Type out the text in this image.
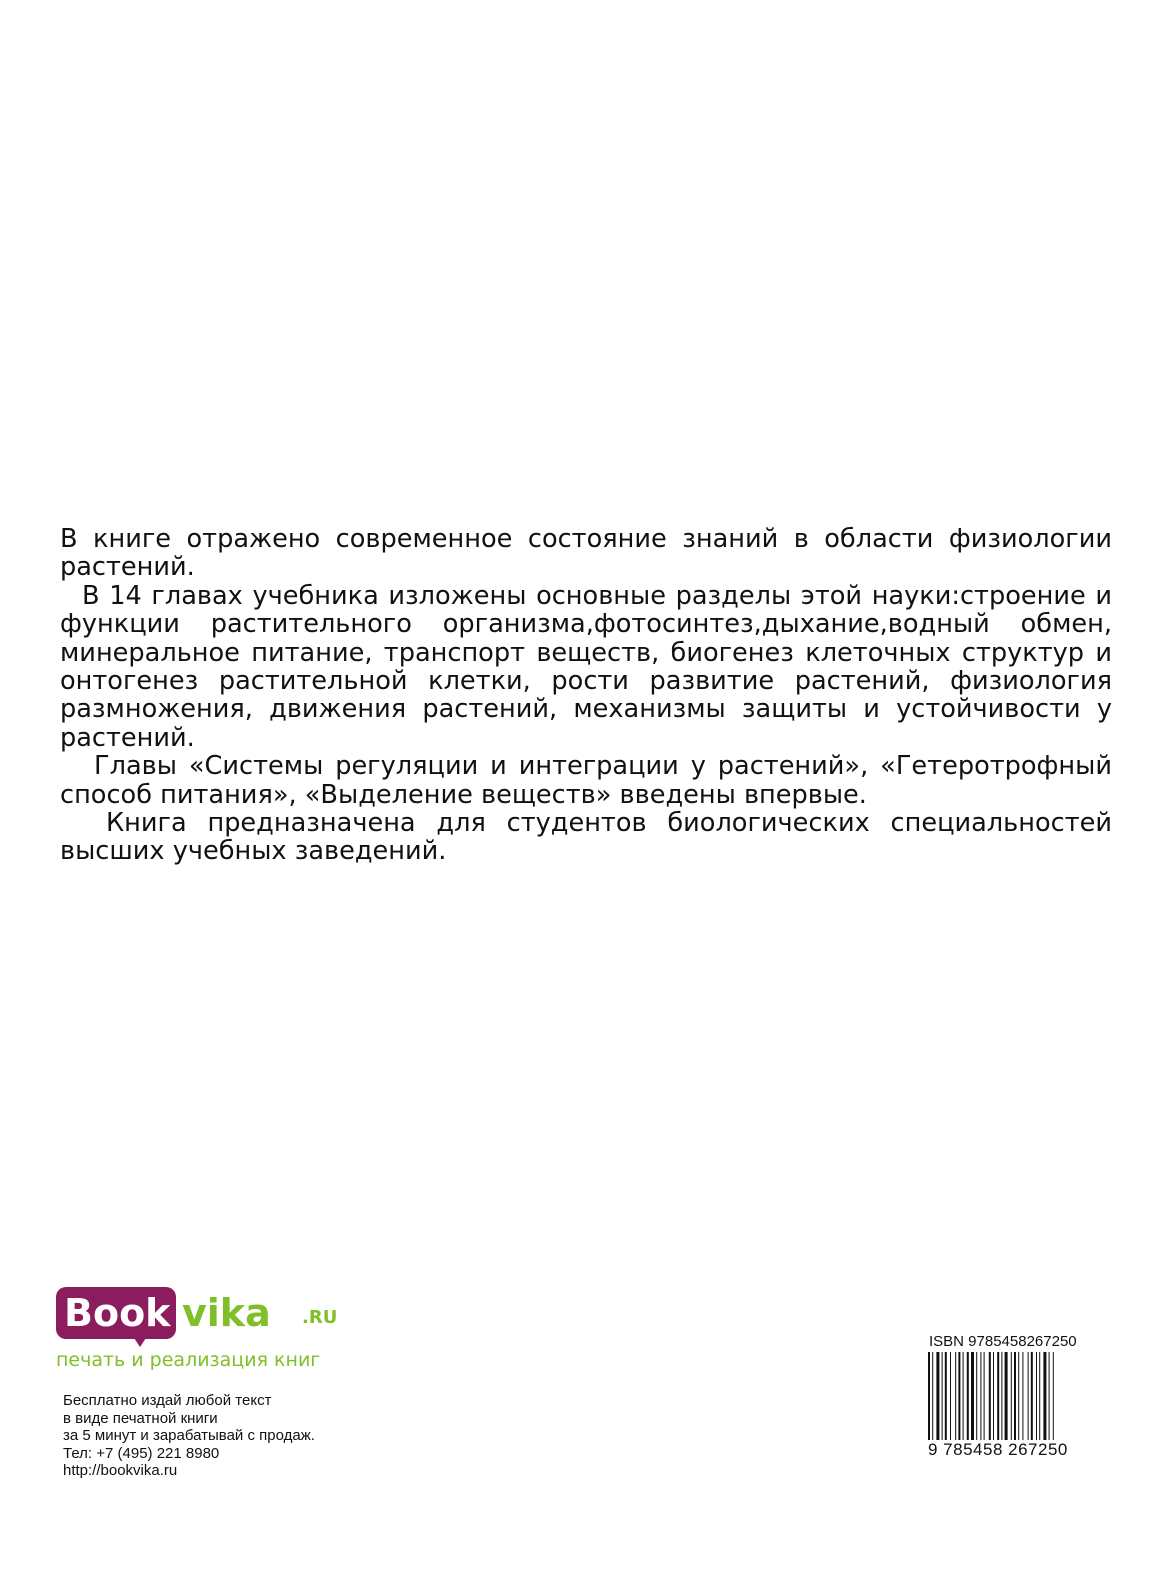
В книге отражено современное состояние знаний в области физиологии растений.

В 14 главах учебника изложены основные разделы этой науки:строение и функции растительного организма,фотосинтез,дыхание,водный обмен, минеральное питание, транспорт веществ, биогенез клеточных структур и онтогенез растительной клетки, рости развитие растений, физиология размножения, движения растений, механизмы защиты и устойчивости у растений.

Главы «Системы регуляции и интеграции у растений», «Гетеротрофный способ питания», «Выделение веществ» введены впервые.

Книга предназначена для студентов биологических специальностей высших учебных заведений.

Book vika .RU
печать и реализация книг
Бесплатно издай любой текст
в виде печатной книги
за 5 минут и зарабатывай с продаж.
Тел: +7 (495) 221 8980
http://bookvika.ru
ISBN 9785458267250
9 785458 267250
